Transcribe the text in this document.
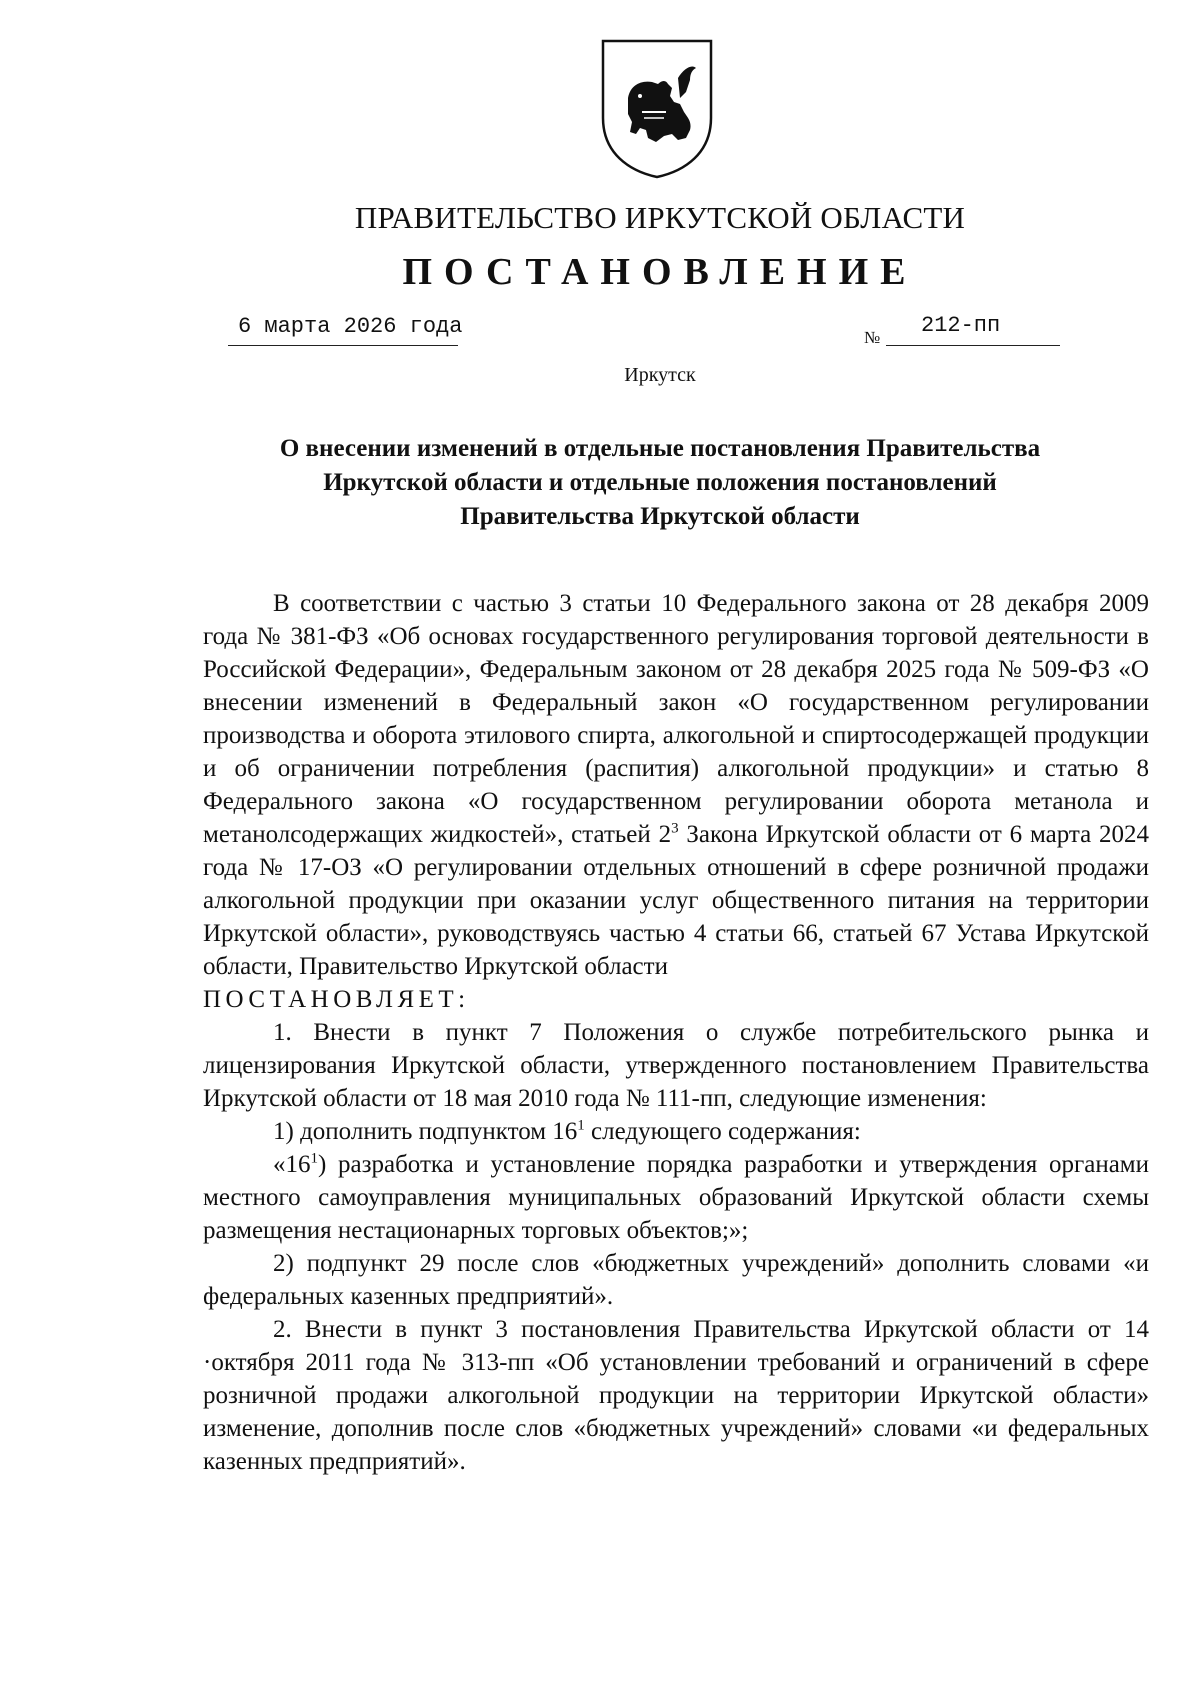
ПРАВИТЕЛЬСТВО ИРКУТСКОЙ ОБЛАСТИ
ПОСТАНОВЛЕНИЕ
6 марта 2026 года	№ 212-пп
Иркутск
О внесении изменений в отдельные постановления Правительства
Иркутской области и отдельные положения постановлений
Правительства Иркутской области

В соответствии с частью 3 статьи 10 Федерального закона от 28 декабря 2009 года № 381-ФЗ «Об основах государственного регулирования торговой деятельности в Российской Федерации», Федеральным законом от 28 декабря 2025 года № 509-ФЗ «О внесении изменений в Федеральный закон «О государственном регулировании производства и оборота этилового спирта, алкогольной и спиртосодержащей продукции и об ограничении потребления (распития) алкогольной продукции» и статью 8 Федерального закона «О государственном регулировании оборота метанола и метанолсодержащих жидкостей», статьей $2^3$ Закона Иркутской области от 6 марта 2024 года № 17-ОЗ «О регулировании отдельных отношений в сфере розничной продажи алкогольной продукции при оказании услуг общественного питания на территории Иркутской области», руководствуясь частью 4 статьи 66, статьей 67 Устава Иркутской области, Правительство Иркутской области

ПОСТАНОВЛЯЕТ:

1. Внести в пункт 7 Положения о службе потребительского рынка и лицензирования Иркутской области, утвержденного постановлением Правительства Иркутской области от 18 мая 2010 года № 111-пп, следующие изменения:

1) дополнить подпунктом $16^1$ следующего содержания:

«$16^1$) разработка и установление порядка разработки и утверждения органами местного самоуправления муниципальных образований Иркутской области схемы размещения нестационарных торговых объектов;»;

2) подпункт 29 после слов «бюджетных учреждений» дополнить словами «и федеральных казенных предприятий».

2. Внести в пункт 3 постановления Правительства Иркутской области от 14 ·октября 2011 года № 313-пп «Об установлении требований и ограничений в сфере розничной продажи алкогольной продукции на территории Иркутской области» изменение, дополнив после слов «бюджетных учреждений» словами «и федеральных казенных предприятий».
